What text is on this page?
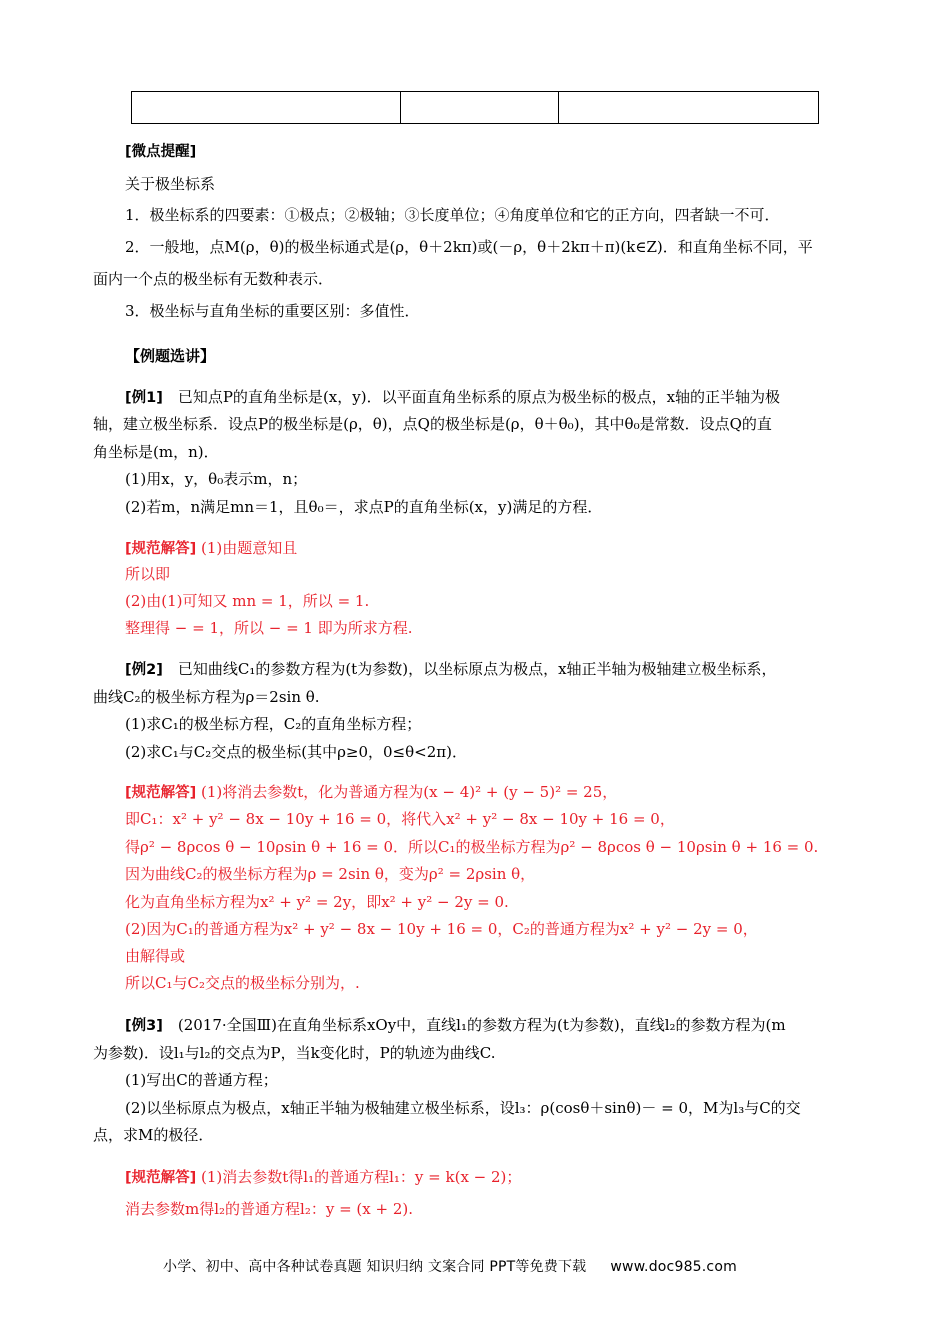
[微点提醒]
关于极坐标系
1．极坐标系的四要素：①极点；②极轴；③长度单位；④角度单位和它的正方向，四者缺一不可．
2．一般地，点M(ρ，θ)的极坐标通式是(ρ，θ＋2kπ)或(－ρ，θ＋2kπ＋π)(k∈Z)．和直角坐标不同，平
面内一个点的极坐标有无数种表示．
3．极坐标与直角坐标的重要区别：多值性．
【例题选讲】
[例1]　已知点P的直角坐标是(x，y)．以平面直角坐标系的原点为极坐标的极点，x轴的正半轴为极
轴，建立极坐标系．设点P的极坐标是(ρ，θ)，点Q的极坐标是(ρ，θ＋θ₀)，其中θ₀是常数．设点Q的直
角坐标是(m，n)．
(1)用x，y，θ₀表示m，n；
(2)若m，n满足mn＝1，且θ₀＝，求点P的直角坐标(x，y)满足的方程．
[规范解答] (1)由题意知且
所以即
(2)由(1)可知又 mn = 1，所以 = 1.
整理得 − = 1，所以 − = 1 即为所求方程.
[例2]　已知曲线C₁的参数方程为(t为参数)，以坐标原点为极点，x轴正半轴为极轴建立极坐标系，
曲线C₂的极坐标方程为ρ＝2sin θ.
(1)求C₁的极坐标方程，C₂的直角坐标方程；
(2)求C₁与C₂交点的极坐标(其中ρ≥0，0≤θ<2π)．
[规范解答] (1)将消去参数t，化为普通方程为(x − 4)² + (y − 5)² = 25，
即C₁：x² + y² − 8x − 10y + 16 = 0，将代入x² + y² − 8x − 10y + 16 = 0，
得ρ² − 8ρcos θ − 10ρsin θ + 16 = 0．所以C₁的极坐标方程为ρ² − 8ρcos θ − 10ρsin θ + 16 = 0.
因为曲线C₂的极坐标方程为ρ = 2sin θ，变为ρ² = 2ρsin θ，
化为直角坐标方程为x² + y² = 2y，即x² + y² − 2y = 0.
(2)因为C₁的普通方程为x² + y² − 8x − 10y + 16 = 0，C₂的普通方程为x² + y² − 2y = 0，
由解得或
所以C₁与C₂交点的极坐标分别为，.
[例3]　(2017·全国Ⅲ)在直角坐标系xOy中，直线l₁的参数方程为(t为参数)，直线l₂的参数方程为(m
为参数)．设l₁与l₂的交点为P，当k变化时，P的轨迹为曲线C.
(1)写出C的普通方程；
(2)以坐标原点为极点，x轴正半轴为极轴建立极坐标系，设l₃：ρ(cosθ＋sinθ)－ = 0，M为l₃与C的交
点，求M的极径．
[规范解答] (1)消去参数t得l₁的普通方程l₁：y = k(x − 2)；
消去参数m得l₂的普通方程l₂：y = (x + 2).
小学、初中、高中各种试卷真题 知识归纳 文案合同 PPT等免费下载 www.doc985.com
